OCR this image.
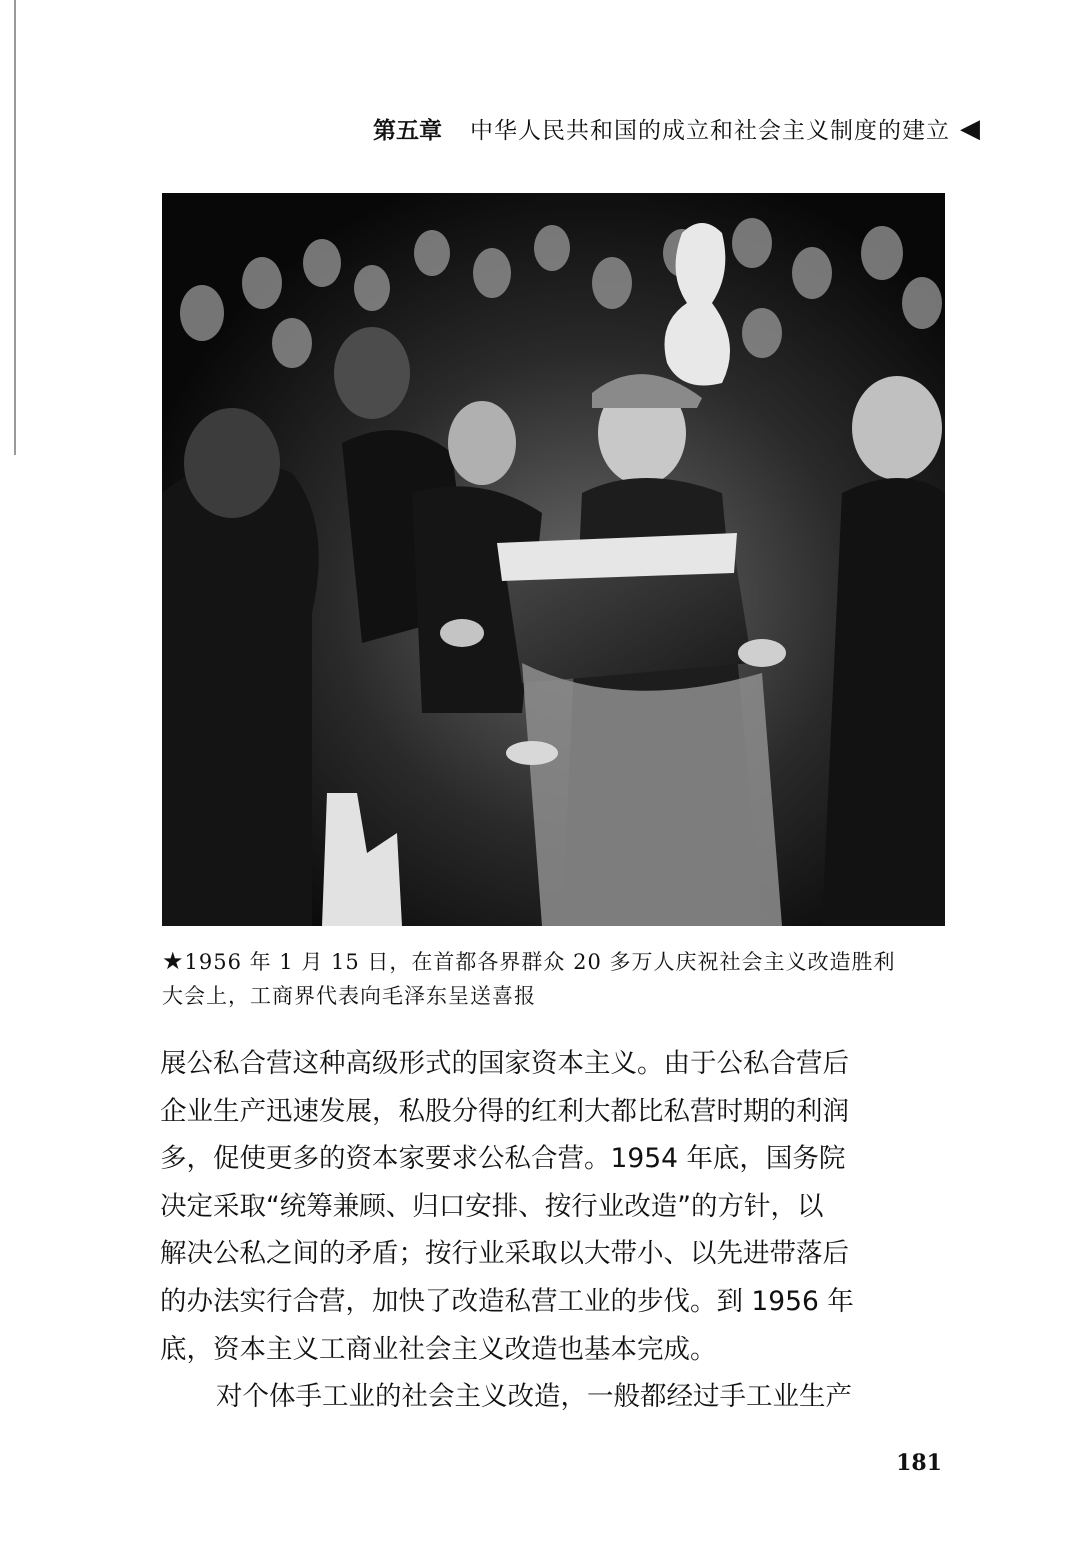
第五章 中华人民共和国的成立和社会主义制度的建立 ◀
★1956 年 1 月 15 日，在首都各界群众 20 多万人庆祝社会主义改造胜利
大会上，工商界代表向毛泽东呈送喜报

展公私合营这种高级形式的国家资本主义。由于公私合营后
企业生产迅速发展，私股分得的红利大都比私营时期的利润
多，促使更多的资本家要求公私合营。1954 年底，国务院
决定采取“统筹兼顾、归口安排、按行业改造”的方针，以
解决公私之间的矛盾；按行业采取以大带小、以先进带落后
的办法实行合营，加快了改造私营工业的步伐。到 1956 年
底，资本主义工商业社会主义改造也基本完成。

对个体手工业的社会主义改造，一般都经过手工业生产

181
